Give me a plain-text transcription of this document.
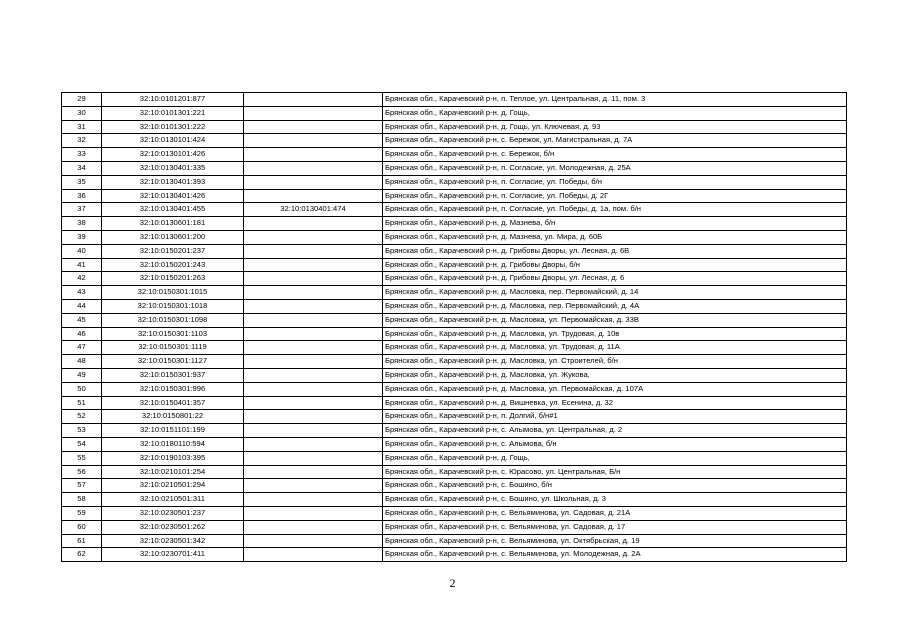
29	32:10:0101201:877		Брянская обл., Карачевский р-н, п. Теплое, ул. Центральная, д. 11, пом. 3
30	32:10:0101301:221		Брянская обл., Карачевский р-н, д. Гощь,
31	32:10:0101301:222		Брянская обл., Карачевский р-н, д. Гощь, ул. Ключевая, д. 93
32	32:10:0130101:424		Брянская обл., Карачевский р-н, с. Бережок, ул. Магистральная, д. 7А
33	32:10:0130101:426		Брянская обл., Карачевский р-н, с. Бережок, б/н
34	32:10:0130401:335		Брянская обл., Карачевский р-н, п. Согласие, ул. Молодежная, д. 25А
35	32:10:0130401:393		Брянская обл., Карачевский р-н, п. Согласие, ул. Победы, б/н
36	32:10:0130401:426		Брянская обл., Карачевский р-н, п. Согласие, ул. Победы, д. 2Г
37	32:10:0130401:455	32:10:0130401:474	Брянская обл., Карачевский р-н, п. Согласие, ул. Победы, д. 1а, пом. б/н
38	32:10:0130601:181		Брянская обл., Карачевский р-н, д. Мазнева, б/н
39	32:10:0130601:200		Брянская обл., Карачевский р-н, д. Мазнева, ул. Мира, д. 60Б
40	32:10:0150201:237		Брянская обл., Карачевский р-н, д. Грибовы Дворы, ул. Лесная, д. 6В
41	32:10:0150201:243		Брянская обл., Карачевский р-н, д. Грибовы Дворы, б/н
42	32:10:0150201:263		Брянская обл., Карачевский р-н, д. Грибовы Дворы, ул. Лесная, д. 6
43	32:10:0150301:1015		Брянская обл., Карачевский р-н, д. Масловка, пер. Первомайский, д. 14
44	32:10:0150301:1018		Брянская обл., Карачевский р-н, д. Масловка, пер. Первомайский, д. 4А
45	32:10:0150301:1098		Брянская обл., Карачевский р-н, д. Масловка, ул. Первомайская, д. 33В
46	32:10:0150301:1103		Брянская обл., Карачевский р-н, д. Масловка, ул. Трудовая, д. 10в
47	32:10:0150301:1119		Брянская обл., Карачевский р-н, д. Масловка, ул. Трудовая, д. 11А
48	32:10:0150301:1127		Брянская обл., Карачевский р-н, д. Масловка, ул. Строителей, б/н
49	32:10:0150301:937		Брянская обл., Карачевский р-н, д. Масловка, ул. Жукова,
50	32:10:0150301:996		Брянская обл., Карачевский р-н, д. Масловка, ул. Первомайская, д. 107А
51	32:10:0150401:357		Брянская обл., Карачевский р-н, д. Вишневка, ул. Есенина, д. 32
52	32:10:0150801:22		Брянская обл., Карачевский р-н, п. Долгий, б/н#1
53	32:10:0151101:199		Брянская обл., Карачевский р-н, с. Алымова, ул. Центральная, д. 2
54	32:10:0180110:594		Брянская обл., Карачевский р-н, с. Алымова, б/н
55	32:10:0190103:395		Брянская обл., Карачевский р-н, д. Гощь,
56	32:10:0210101:254		Брянская обл., Карачевский р-н, с. Юрасово, ул. Центральная, Б/н
57	32:10:0210501:294		Брянская обл., Карачевский р-н, с. Бошино, б/н
58	32:10:0210501:311		Брянская обл., Карачевский р-н, с. Бошино, ул. Школьная, д. 3
59	32:10:0230501:237		Брянская обл., Карачевский р-н, с. Вельяминова, ул. Садовая, д. 21А
60	32:10:0230501:262		Брянская обл., Карачевский р-н, с. Вельяминова, ул. Садовая, д. 17
61	32:10:0230501:342		Брянская обл., Карачевский р-н, с. Вельяминова, ул. Октябрьская, д. 19
62	32:10:0230701:411		Брянская обл., Карачевский р-н, с. Вельяминова, ул. Молодежная, д. 2А
2
